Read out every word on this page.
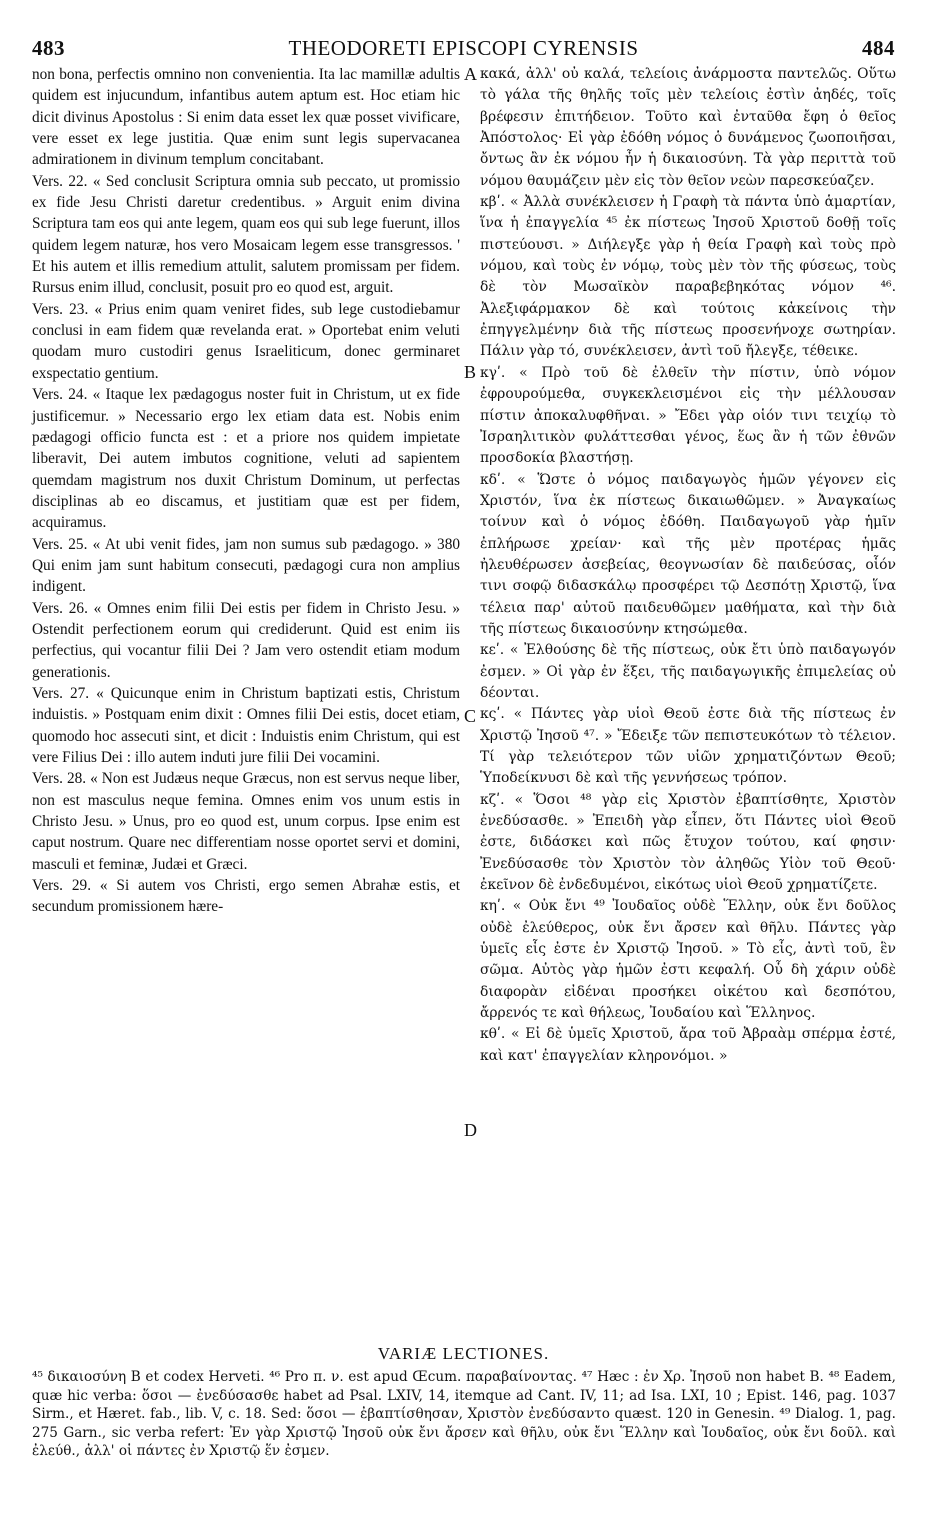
483	THEODORETI EPISCOPI CYRENSIS	484

non bona, perfectis omnino non convenientia. Ita lac mamillæ adultis quidem est injucundum, infantibus autem aptum est. Hoc etiam hic dicit divinus Apostolus : Si enim data esset lex quæ posset vivificare, vere esset ex lege justitia. Quæ enim sunt legis supervacanea admirationem in divinum templum concitabant.

Vers. 22. « Sed conclusit Scriptura omnia sub peccato, ut promissio ex fide Jesu Christi daretur credentibus. » Arguit enim divina Scriptura tam eos qui ante legem, quam eos qui sub lege fuerunt, illos quidem legem naturæ, hos vero Mosaicam legem esse transgressos. ' Et his autem et illis remedium attulit, salutem promissam per fidem. Rursus enim illud, conclusit, posuit pro eo quod est, arguit.

Vers. 23. « Prius enim quam veniret fides, sub lege custodiebamur conclusi in eam fidem quæ revelanda erat. » Oportebat enim veluti quodam muro custodiri genus Israeliticum, donec germinaret exspectatio gentium.

Vers. 24. « Itaque lex pædagogus noster fuit in Christum, ut ex fide justificemur. » Necessario ergo lex etiam data est. Nobis enim pædagogi officio functa est : et a priore nos quidem impietate liberavit, Dei autem imbutos cognitione, veluti ad sapientem quemdam magistrum nos duxit Christum Dominum, ut perfectas disciplinas ab eo discamus, et justitiam quæ est per fidem, acquiramus.

Vers. 25. « At ubi venit fides, jam non sumus sub pædagogo. » 380 Qui enim jam sunt habitum consecuti, pædagogi cura non amplius indigent.

Vers. 26. « Omnes enim filii Dei estis per fidem in Christo Jesu. » Ostendit perfectionem eorum qui crediderunt. Quid est enim iis perfectius, qui vocantur filii Dei ? Jam vero ostendit etiam modum generationis.

Vers. 27. « Quicunque enim in Christum baptizati estis, Christum induistis. » Postquam enim dixit : Omnes filii Dei estis, docet etiam, quomodo hoc assecuti sint, et dicit : Induistis enim Christum, qui est vere Filius Dei : illo autem induti jure filii Dei vocamini.

Vers. 28. « Non est Judæus neque Græcus, non est servus neque liber, non est masculus neque femina. Omnes enim vos unum estis in Christo Jesu. » Unus, pro eo quod est, unum corpus. Ipse enim est caput nostrum. Quare nec differentiam nosse oportet servi et domini, masculi et feminæ, Judæi et Græci.

Vers. 29. « Si autem vos Christi, ergo semen Abrahæ estis, et secundum promissionem hære-

A
B
C
D

κακά, ἀλλ' οὐ καλά, τελείοις ἀνάρμοστα παντελῶς. Οὕτω τὸ γάλα τῆς θηλῆς τοῖς μὲν τελείοις ἐστὶν ἀηδές, τοῖς βρέφεσιν ἐπιτήδειον. Τοῦτο καὶ ἐνταῦθα ἔφη ὁ θεῖος Ἀπόστολος· Εἰ γὰρ ἐδόθη νόμος ὁ δυνάμενος ζωοποιῆσαι, ὄντως ἂν ἐκ νόμου ἦν ἡ δικαιοσύνη. Τὰ γὰρ περιττὰ τοῦ νόμου θαυμάζειν μὲν εἰς τὸν θεῖον νεὼν παρεσκεύαζεν.

κβʹ. « Ἀλλὰ συνέκλεισεν ἡ Γραφὴ τὰ πάντα ὑπὸ ἁμαρτίαν, ἵνα ἡ ἐπαγγελία ⁴⁵ ἐκ πίστεως Ἰησοῦ Χριστοῦ δοθῇ τοῖς πιστεύουσι. » Διήλεγξε γὰρ ἡ θεία Γραφὴ καὶ τοὺς πρὸ νόμου, καὶ τοὺς ἐν νόμῳ, τοὺς μὲν τὸν τῆς φύσεως, τοὺς δὲ τὸν Μωσαϊκὸν παραβεβηκότας νόμον ⁴⁶. Ἀλεξιφάρμακον δὲ καὶ τούτοις κἀκείνοις τὴν ἐπηγγελμένην διὰ τῆς πίστεως προσενήνοχε σωτηρίαν. Πάλιν γὰρ τό, συνέκλεισεν, ἀντὶ τοῦ ἤλεγξε, τέθεικε.

κγʹ. « Πρὸ τοῦ δὲ ἐλθεῖν τὴν πίστιν, ὑπὸ νόμον ἐφρουρούμεθα, συγκεκλεισμένοι εἰς τὴν μέλλουσαν πίστιν ἀποκαλυφθῆναι. » Ἔδει γὰρ οἱόν τινι τειχίῳ τὸ Ἰσραηλιτικὸν φυλάττεσθαι γένος, ἕως ἂν ἡ τῶν ἐθνῶν προσδοκία βλαστήσῃ.

κδʹ. « Ὥστε ὁ νόμος παιδαγωγὸς ἡμῶν γέγονεν εἰς Χριστόν, ἵνα ἐκ πίστεως δικαιωθῶμεν. » Ἀναγκαίως τοίνυν καὶ ὁ νόμος ἐδόθη. Παιδαγωγοῦ γὰρ ἡμῖν ἐπλήρωσε χρείαν· καὶ τῆς μὲν προτέρας ἡμᾶς ἠλευθέρωσεν ἀσεβείας, θεογνωσίαν δὲ παιδεύσας, οἷόν τινι σοφῷ διδασκάλῳ προσφέρει τῷ Δεσπότῃ Χριστῷ, ἵνα τέλεια παρ' αὐτοῦ παιδευθῶμεν μαθήματα, καὶ τὴν διὰ τῆς πίστεως δικαιοσύνην κτησώμεθα.

κεʹ. « Ἐλθούσης δὲ τῆς πίστεως, οὐκ ἔτι ὑπὸ παιδαγωγόν ἐσμεν. » Οἱ γὰρ ἐν ἕξει, τῆς παιδαγωγικῆς ἐπιμελείας οὐ δέονται.

κςʹ. « Πάντες γὰρ υἱοὶ Θεοῦ ἐστε διὰ τῆς πίστεως ἐν Χριστῷ Ἰησοῦ ⁴⁷. » Ἔδειξε τῶν πεπιστευκότων τὸ τέλειον. Τί γὰρ τελειότερον τῶν υἱῶν χρηματιζόντων Θεοῦ; Ὑποδείκνυσι δὲ καὶ τῆς γεννήσεως τρόπον.

κζʹ. « Ὅσοι ⁴⁸ γὰρ εἰς Χριστὸν ἐβαπτίσθητε, Χριστὸν ἐνεδύσασθε. » Ἐπειδὴ γὰρ εἶπεν, ὅτι Πάντες υἱοὶ Θεοῦ ἐστε, διδάσκει καὶ πῶς ἔτυχον τούτου, καί φησιν· Ἐνεδύσασθε τὸν Χριστὸν τὸν ἀληθῶς Υἱὸν τοῦ Θεοῦ· ἐκεῖνον δὲ ἐνδεδυμένοι, εἰκότως υἱοὶ Θεοῦ χρηματίζετε.

κηʹ. « Οὐκ ἔνι ⁴⁹ Ἰουδαῖος οὐδὲ Ἕλλην, οὐκ ἔνι δοῦλος οὐδὲ ἐλεύθερος, οὐκ ἔνι ἄρσεν καὶ θῆλυ. Πάντες γὰρ ὑμεῖς εἷς ἐστε ἐν Χριστῷ Ἰησοῦ. » Τὸ εἷς, ἀντὶ τοῦ, ἓν σῶμα. Αὐτὸς γὰρ ἡμῶν ἐστι κεφαλή. Οὗ δὴ χάριν οὐδὲ διαφορὰν εἰδέναι προσήκει οἰκέτου καὶ δεσπότου, ἄρρενός τε καὶ θήλεως, Ἰουδαίου καὶ Ἕλληνος.

κθʹ. « Εἰ δὲ ὑμεῖς Χριστοῦ, ἄρα τοῦ Ἀβραὰμ σπέρμα ἐστέ, καὶ κατ' ἐπαγγελίαν κληρονόμοι. »

VARIÆ LECTIONES.

⁴⁵ δικαιοσύνη B et codex Herveti. ⁴⁶ Pro π. ν. est apud Œcum. παραβαίνοντας. ⁴⁷ Hæc : ἐν Χρ. Ἰησοῦ non habet B. ⁴⁸ Eadem, quæ hic verba: ὅσοι — ἐνεδύσασθε habet ad Psal. LXIV, 14, itemque ad Cant. IV, 11; ad Isa. LXI, 10 ; Epist. 146, pag. 1037 Sirm., et Hæret. fab., lib. V, c. 18. Sed: ὅσοι — ἐβαπτίσθησαν, Χριστὸν ἐνεδύσαντο quæst. 120 in Genesin. ⁴⁹ Dialog. 1, pag. 275 Garn., sic verba refert: Ἐν γὰρ Χριστῷ Ἰησοῦ οὐκ ἔνι ἄρσεν καὶ θῆλυ, οὐκ ἔνι Ἕλλην καὶ Ἰουδαῖος, οὐκ ἔνι δοῦλ. καὶ ἐλεύθ., ἀλλ' οἱ πάντες ἐν Χριστῷ ἕν ἐσμεν.
